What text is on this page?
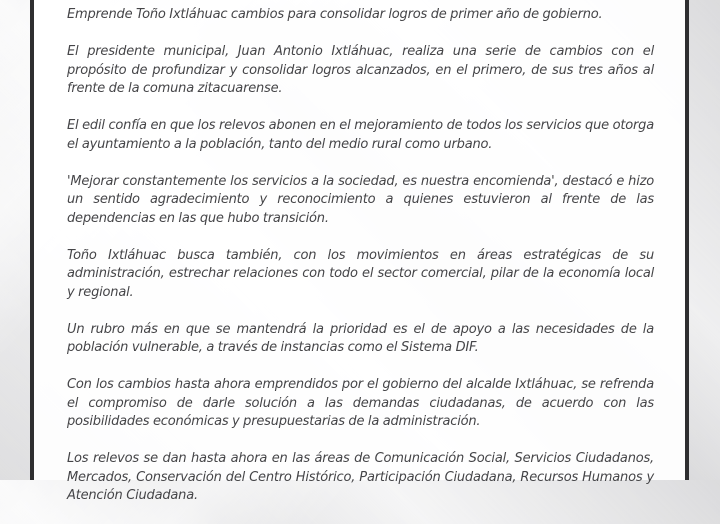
Emprende Toño Ixtláhuac cambios para consolidar logros de primer año de gobierno.

El presidente municipal, Juan Antonio Ixtláhuac, realiza una serie de cambios con el propósito de profundizar y consolidar logros alcanzados, en el primero, de sus tres años al frente de la comuna zitacuarense.

El edil confía en que los relevos abonen en el mejoramiento de todos los servicios que otorga el ayuntamiento a la población, tanto del medio rural como urbano.

'Mejorar constantemente los servicios a la sociedad, es nuestra encomienda', destacó e hizo un sentido agradecimiento y reconocimiento a quienes estuvieron al frente de las dependencias en las que hubo transición.

Toño Ixtláhuac busca también, con los movimientos en áreas estratégicas de su administración, estrechar relaciones con todo el sector comercial, pilar de la economía local y regional.

Un rubro más en que se mantendrá la prioridad es el de apoyo a las necesidades de la población vulnerable, a través de instancias como el Sistema DIF.

Con los cambios hasta ahora emprendidos por el gobierno del alcalde Ixtláhuac, se refrenda el compromiso de darle solución a las demandas ciudadanas, de acuerdo con las posibilidades económicas y presupuestarias de la administración.

Los relevos se dan hasta ahora en las áreas de Comunicación Social, Servicios Ciudadanos, Mercados, Conservación del Centro Histórico, Participación Ciudadana, Recursos Humanos y Atención Ciudadana.
